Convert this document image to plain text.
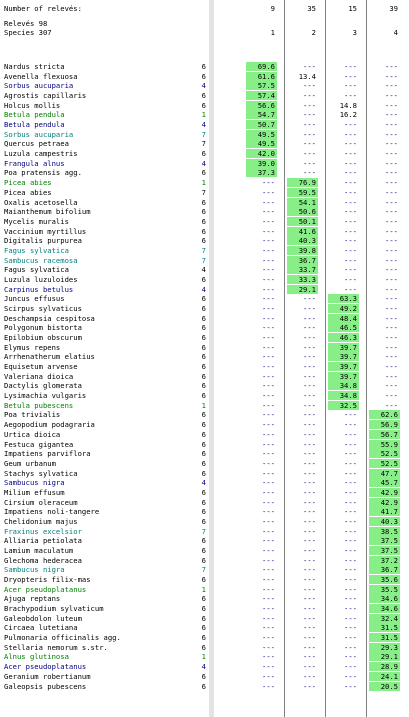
Number of relevés:	9	35	15	39
Relevés 98
Species 307	1	2	3	4
Nardus stricta	6	69.6	---	---	---
Avenella flexuosa	6	61.6	13.4	---	---
Sorbus aucuparia	4	57.5	---	---	---
Agrostis capillaris	6	57.4	---	---	---
Holcus mollis	6	56.6	---	14.8	---
Betula pendula	1	54.7	---	16.2	---
Betula pendula	4	50.7	---	---	---
Sorbus aucuparia	7	49.5	---	---	---
Quercus petraea	7	49.5	---	---	---
Luzula campestris	6	42.0	---	---	---
Frangula alnus	4	39.0	---	---	---
Poa pratensis agg.	6	37.3	---	---	---
Picea abies	1	---	76.9	---	---
Picea abies	7	---	59.5	---	---
Oxalis acetosella	6	---	54.1	---	---
Maianthemum bifolium	6	---	50.6	---	---
Mycelis muralis	6	---	50.1	---	---
Vaccinium myrtillus	6	---	41.6	---	---
Digitalis purpurea	6	---	40.3	---	---
Fagus sylvatica	7	---	39.8	---	---
Sambucus racemosa	7	---	36.7	---	---
Fagus sylvatica	4	---	33.7	---	---
Luzula luzuloides	6	---	33.3	---	---
Carpinus betulus	4	---	29.1	---	---
Juncus effusus	6	---	---	63.3	---
Scirpus sylvaticus	6	---	---	49.2	---
Deschampsia cespitosa	6	---	---	48.4	---
Polygonum bistorta	6	---	---	46.5	---
Epilobium obscurum	6	---	---	46.3	---
Elymus repens	6	---	---	39.7	---
Arrhenatherum elatius	6	---	---	39.7	---
Equisetum arvense	6	---	---	39.7	---
Valeriana dioica	6	---	---	39.7	---
Dactylis glomerata	6	---	---	34.8	---
Lysimachia vulgaris	6	---	---	34.8	---
Betula pubescens	1	---	---	32.5	---
Poa trivialis	6	---	---	---	62.6
Aegopodium podagraria	6	---	---	---	56.9
Urtica dioica	6	---	---	---	56.7
Festuca gigantea	6	---	---	---	55.9
Impatiens parviflora	6	---	---	---	52.5
Geum urbanum	6	---	---	---	52.5
Stachys sylvatica	6	---	---	---	47.7
Sambucus nigra	4	---	---	---	45.7
Milium effusum	6	---	---	---	42.9
Cirsium oleraceum	6	---	---	---	42.9
Impatiens noli-tangere	6	---	---	---	41.7
Chelidonium majus	6	---	---	---	40.3
Fraxinus excelsior	7	---	---	---	38.5
Alliaria petiolata	6	---	---	---	37.5
Lamium maculatum	6	---	---	---	37.5
Glechoma hederacea	6	---	---	---	37.2
Sambucus nigra	7	---	---	---	36.7
Dryopteris filix-mas	6	---	---	---	35.6
Acer pseudoplatanus	1	---	---	---	35.5
Ajuga reptans	6	---	---	---	34.6
Brachypodium sylvaticum	6	---	---	---	34.6
Galeobdolon luteum	6	---	---	---	32.4
Circaea lutetiana	6	---	---	---	31.5
Pulmonaria officinalis agg.	6	---	---	---	31.5
Stellaria nemorum s.str.	6	---	---	---	29.3
Alnus glutinosa	1	---	---	---	29.1
Acer pseudoplatanus	4	---	---	---	28.9
Geranium robertianum	6	---	---	---	24.1
Galeopsis pubescens	6	---	---	---	20.5
